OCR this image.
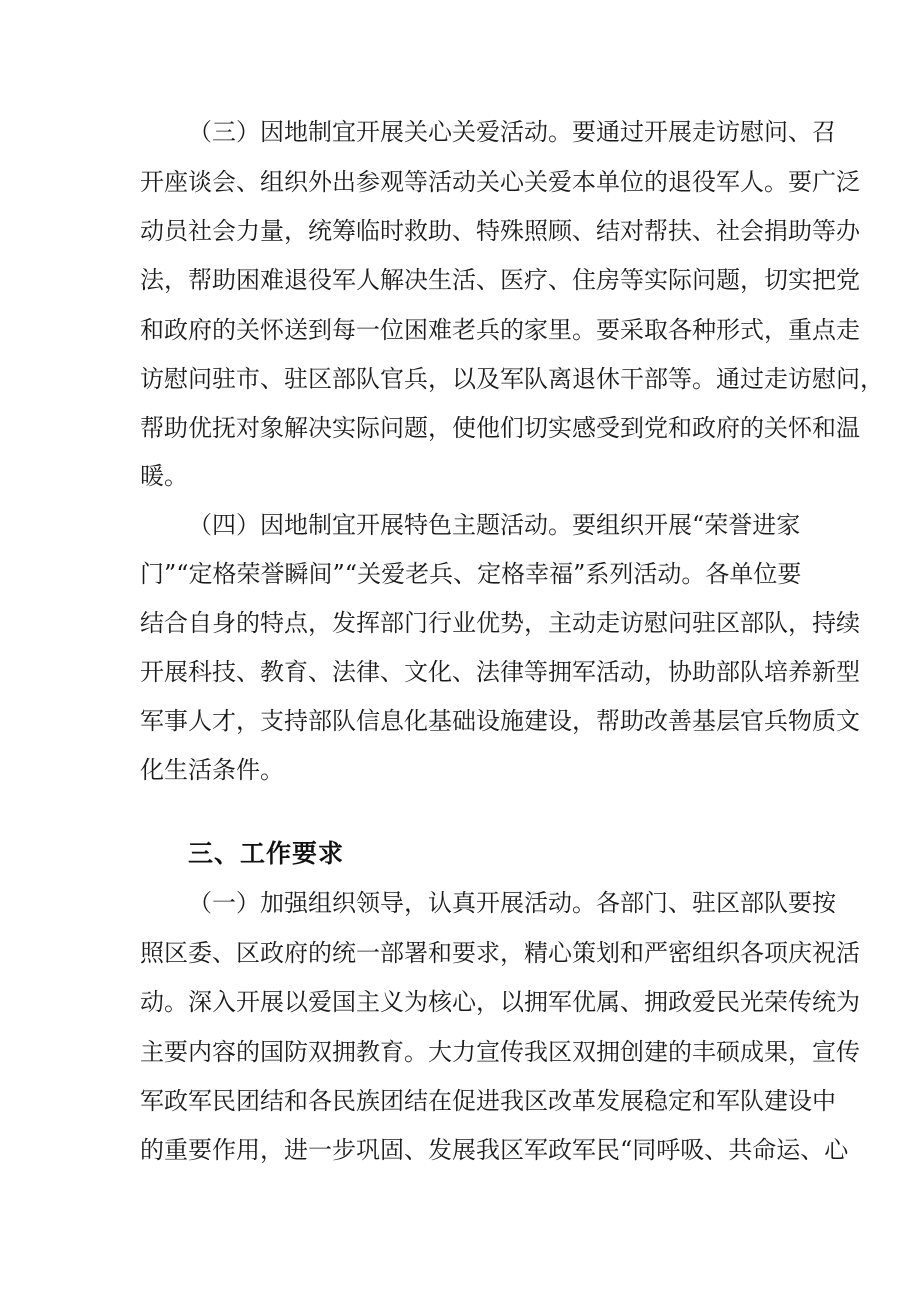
（三）因地制宜开展关心关爱活动。要通过开展走访慰问、召
开座谈会、组织外出参观等活动关心关爱本单位的退役军人。要广泛
动员社会力量，统筹临时救助、特殊照顾、结对帮扶、社会捐助等办
法，帮助困难退役军人解决生活、医疗、住房等实际问题，切实把党
和政府的关怀送到每一位困难老兵的家里。要采取各种形式，重点走
访慰问驻市、驻区部队官兵，以及军队离退休干部等。通过走访慰问，
帮助优抚对象解决实际问题，使他们切实感受到党和政府的关怀和温
暖。
（四）因地制宜开展特色主题活动。要组织开展“荣誉进家
门”“定格荣誉瞬间”“关爱老兵、定格幸福”系列活动。各单位要
结合自身的特点，发挥部门行业优势，主动走访慰问驻区部队，持续
开展科技、教育、法律、文化、法律等拥军活动，协助部队培养新型
军事人才，支持部队信息化基础设施建设，帮助改善基层官兵物质文
化生活条件。
三、工作要求
（一）加强组织领导，认真开展活动。各部门、驻区部队要按
照区委、区政府的统一部署和要求，精心策划和严密组织各项庆祝活
动。深入开展以爱国主义为核心，以拥军优属、拥政爱民光荣传统为
主要内容的国防双拥教育。大力宣传我区双拥创建的丰硕成果，宣传
军政军民团结和各民族团结在促进我区改革发展稳定和军队建设中
的重要作用，进一步巩固、发展我区军政军民“同呼吸、共命运、心
